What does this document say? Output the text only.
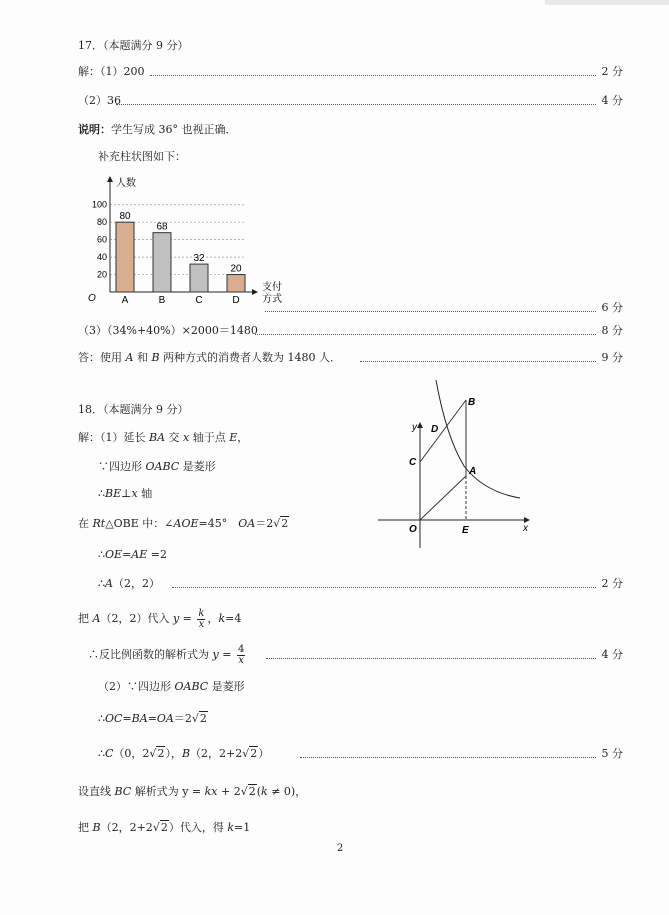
17．（本题满分 9 分）
解：（1）200	2 分
（2）36	4 分
说明：学生写成 36° 也视正确．
补充柱状图如下：
20
40
60
80
100
人数
支付
方式
O
80
A
68
B
32
C
20
D
6 分
（3）（34%+40%）×2000＝1480	8 分
答：使用 A 和 B 两种方式的消费者人数为 1480 人．	9 分
18．（本题满分 9 分）
解：（1）延长 BA 交 x 轴于点 E，
∵四边形 OABC 是菱形
∴BE⊥x 轴
在 Rt△OBE 中：∠AOE=45°　OA＝2√2
∴OE=AE =2
∴A（2，2）	2 分
把 A（2，2）代入 $y = \frac{k}{x}$ ，k=4
∴反比例函数的解析式为 $y = \frac{4}{x}$	4 分
（2）∵四边形 OABC 是菱形
∴OC=BA=OA＝2√2
∴C（0，2√2），B（2，2+2√2）	5 分
设直线 BC 解析式为 y = kx + 2√2(k ≠ 0)，
把 B（2，2+2√2）代入，得 k=1
y
x
O
C
D
B
A
E
2
